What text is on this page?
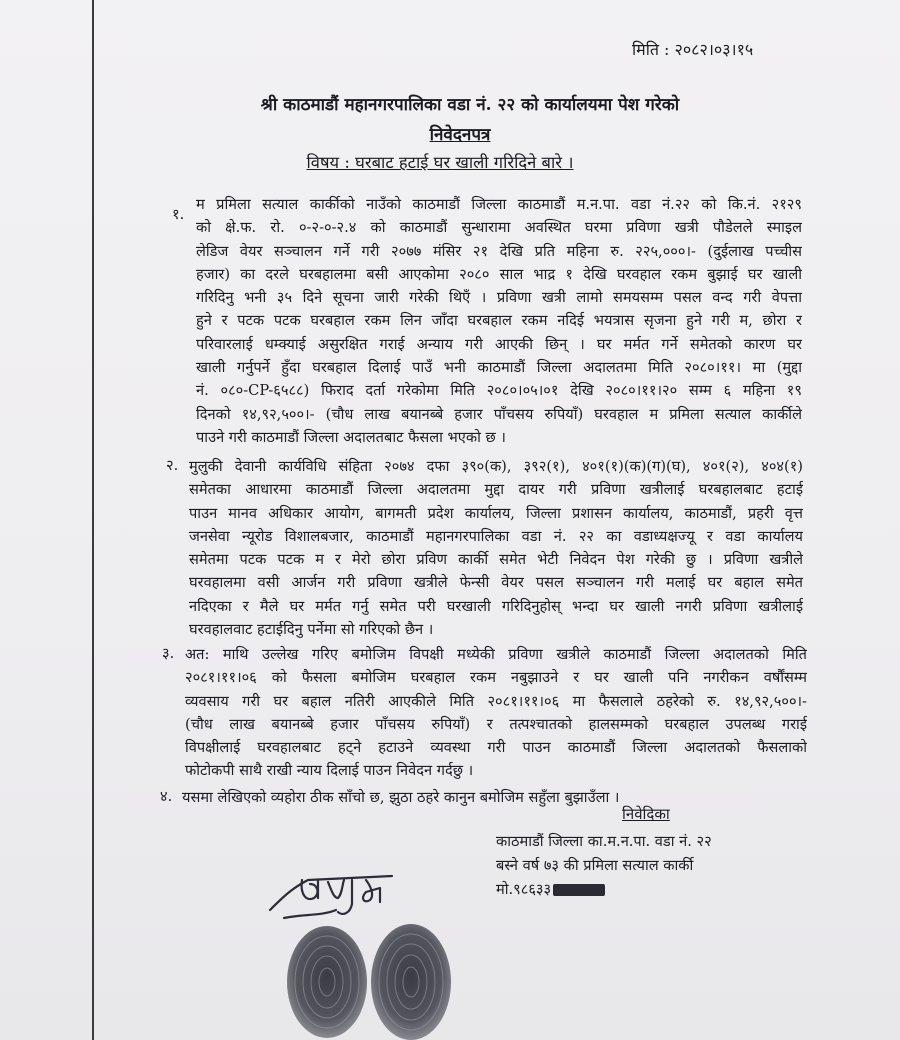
मिति : २०८२।०३।१५
श्री काठमाडौं महानगरपालिका वडा नं. २२ को कार्यालयमा पेश गरेको
निवेदनपत्र
विषय : घरबाट हटाई घर खाली गरिदिने बारे ।
१.
म प्रमिला सत्याल कार्कीको नाउँको काठमाडौं जिल्ला काठमाडौं म.न.पा. वडा नं.२२ को कि.नं. २१२९
को क्षे.फ. रो. ०-२-०-२.४ को काठमाडौं सुन्धारामा अवस्थित घरमा प्रविणा खत्री पौडेलले स्माइल
लेडिज वेयर सञ्चालन गर्ने गरी २०७७ मंसिर २१ देखि प्रति महिना रु. २२५,०००।- (दुईलाख पच्चीस
हजार) का दरले घरबहालमा बसी आएकोमा २०८० साल भाद्र १ देखि घरवहाल रकम बुझाई घर खाली
गरिदिनु भनी ३५ दिने सूचना जारी गरेकी थिएँ । प्रविणा खत्री लामो समयसम्म पसल वन्द गरी वेपत्ता
हुने र पटक पटक घरबहाल रकम लिन जाँदा घरबहाल रकम नदिई भयत्रास सृजना हुने गरी म, छोरा र
परिवारलाई धम्क्याई असुरक्षित गराई अन्याय गरी आएकी छिन् । घर मर्मत गर्ने समेतको कारण घर
खाली गर्नुपर्ने हुँदा घरबहाल दिलाई पाउँ भनी काठमाडौं जिल्ला अदालतमा मिति २०८०।११। मा (मुद्दा
नं. ०८०-CP-६५८८) फिराद दर्ता गरेकोमा मिति २०८०।०५।०१ देखि २०८०।११।२० सम्म ६ महिना १९
दिनको १४,९२,५००।- (चौध लाख बयानब्बे हजार पाँचसय रुपियाँ) घरवहाल म प्रमिला सत्याल कार्कीले
पाउने गरी काठमाडौं जिल्ला अदालतबाट फैसला भएको छ ।
२. मुलुकी देवानी कार्यविधि संहिता २०७४ दफा ३९०(क), ३९२(१), ४०१(१)(क)(ग)(घ), ४०१(२), ४०४(१)
समेतका आधारमा काठमाडौं जिल्ला अदालतमा मुद्दा दायर गरी प्रविणा खत्रीलाई घरबहालबाट हटाई
पाउन मानव अधिकार आयोग, बागमती प्रदेश कार्यालय, जिल्ला प्रशासन कार्यालय, काठमाडौं, प्रहरी वृत्त
जनसेवा न्यूरोड विशालबजार, काठमाडौं महानगरपालिका वडा नं. २२ का वडाध्यक्षज्यू र वडा कार्यालय
समेतमा पटक पटक म र मेरो छोरा प्रविण कार्की समेत भेटी निवेदन पेश गरेकी छु । प्रविणा खत्रीले
घरवहालमा वसी आर्जन गरी प्रविणा खत्रीले फेन्सी वेयर पसल सञ्चालन गरी मलाई घर बहाल समेत
नदिएका र मैले घर मर्मत गर्नु समेत परी घरखाली गरिदिनुहोस् भन्दा घर खाली नगरी प्रविणा खत्रीलाई
घरवहालवाट हटाईदिनु पर्नेमा सो गरिएको छैन ।
३. अत: माथि उल्लेख गरिए बमोजिम विपक्षी मध्येकी प्रविणा खत्रीले काठमाडौं जिल्ला अदालतको मिति
२०८१।११।०६ को फैसला बमोजिम घरबहाल रकम नबुझाउने र घर खाली पनि नगरीकन वर्षौंसम्म
व्यवसाय गरी घर बहाल नतिरी आएकीले मिति २०८१।११।०६ मा फैसलाले ठहरेको रु. १४,९२,५००।-
(चौध लाख बयानब्बे हजार पाँचसय रुपियाँ) र तत्पश्चातको हालसम्मको घरबहाल उपलब्ध गराई
विपक्षीलाई घरवहालबाट हट्ने हटाउने व्यवस्था गरी पाउन काठमाडौं जिल्ला अदालतको फैसलाको
फोटोकपी साथै राखी न्याय दिलाई पाउन निवेदन गर्दछु ।
४. यसमा लेखिएको व्यहोरा ठीक साँचो छ, झुठा ठहरे कानुन बमोजिम सहुँला बुझाउँला ।
निवेदिका
काठमाडौं जिल्ला का.म.न.पा. वडा नं. २२
बस्ने वर्ष ७३ की प्रमिला सत्याल कार्की
मो.९८६३३
